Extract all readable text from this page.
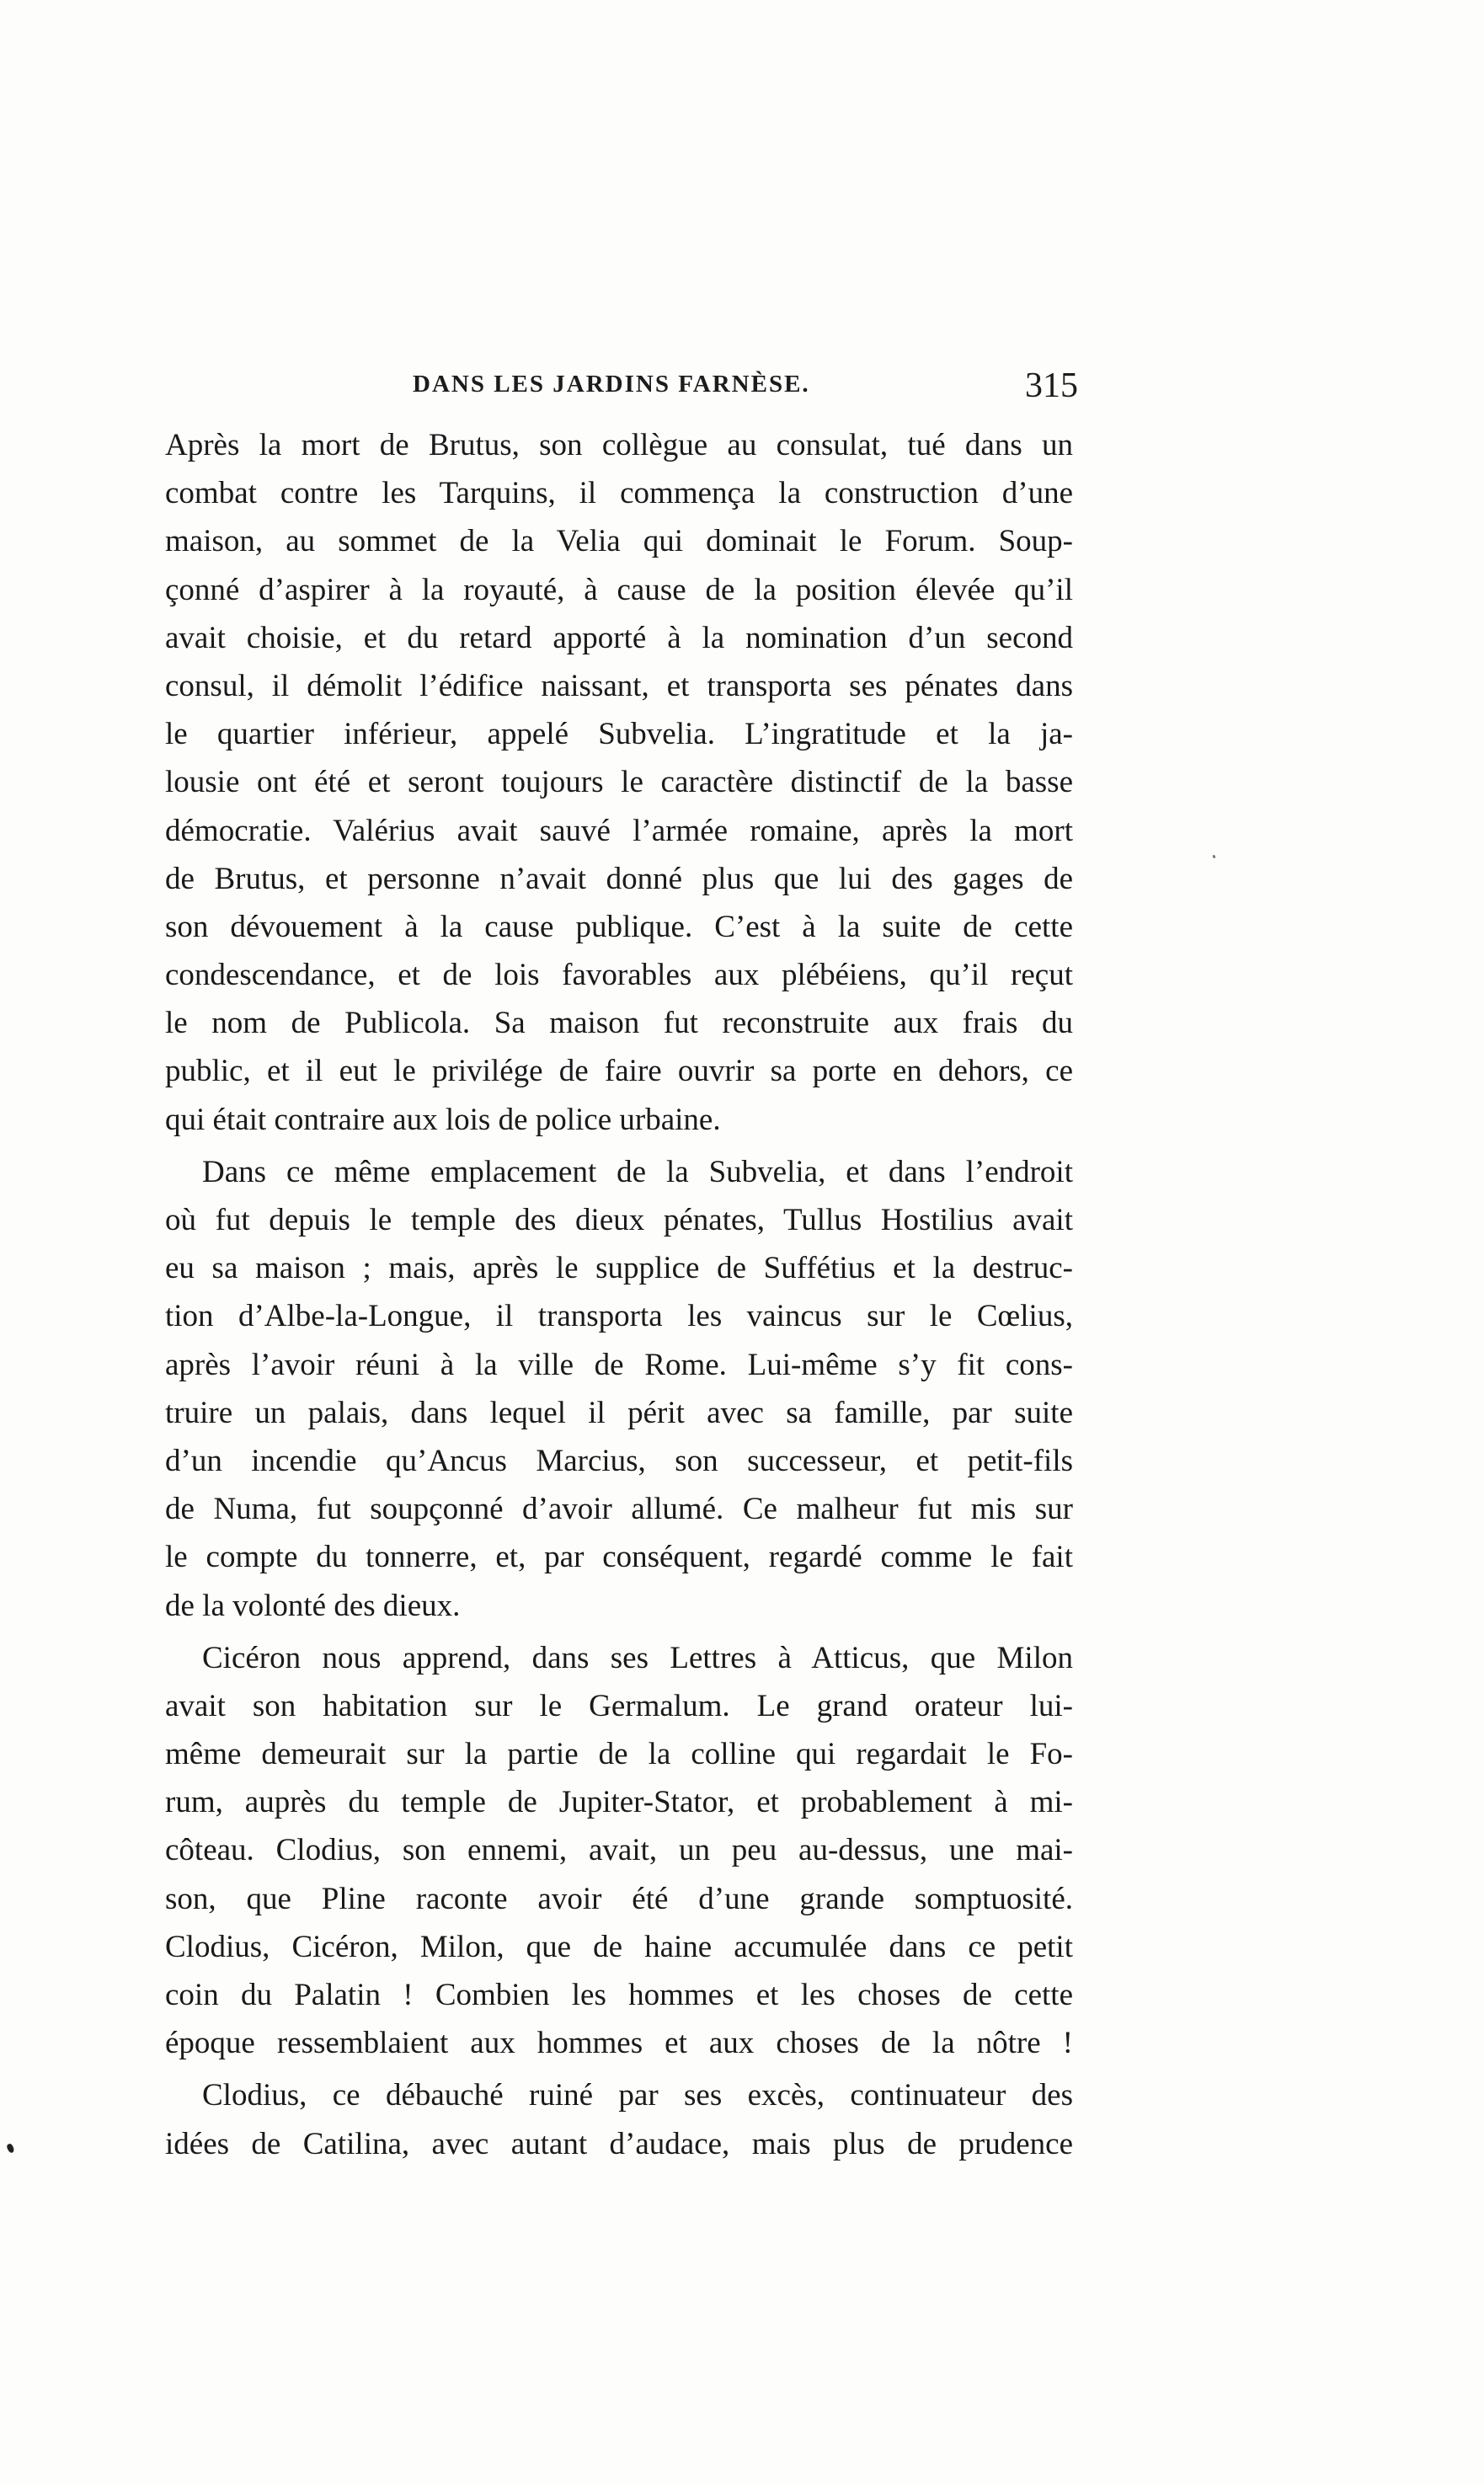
DANS LES JARDINS FARNÈSE.	315

Après la mort de Brutus, son collègue au consulat, tué dans un
combat contre les Tarquins, il commença la construction d’une
maison, au sommet de la Velia qui dominait le Forum. Soup-
çonné d’aspirer à la royauté, à cause de la position élevée qu’il
avait choisie, et du retard apporté à la nomination d’un second
consul, il démolit l’édifice naissant, et transporta ses pénates dans
le quartier inférieur, appelé Subvelia. L’ingratitude et la ja-
lousie ont été et seront toujours le caractère distinctif de la basse
démocratie. Valérius avait sauvé l’armée romaine, après la mort
de Brutus, et personne n’avait donné plus que lui des gages de
son dévouement à la cause publique. C’est à la suite de cette
condescendance, et de lois favorables aux plébéiens, qu’il reçut
le nom de Publicola. Sa maison fut reconstruite aux frais du
public, et il eut le privilége de faire ouvrir sa porte en dehors, ce
qui était contraire aux lois de police urbaine.

Dans ce même emplacement de la Subvelia, et dans l’endroit
où fut depuis le temple des dieux pénates, Tullus Hostilius avait
eu sa maison ; mais, après le supplice de Suffétius et la destruc-
tion d’Albe-la-Longue, il transporta les vaincus sur le Cœlius,
après l’avoir réuni à la ville de Rome. Lui-même s’y fit cons-
truire un palais, dans lequel il périt avec sa famille, par suite
d’un incendie qu’Ancus Marcius, son successeur, et petit-fils
de Numa, fut soupçonné d’avoir allumé. Ce malheur fut mis sur
le compte du tonnerre, et, par conséquent, regardé comme le fait
de la volonté des dieux.

Cicéron nous apprend, dans ses Lettres à Atticus, que Milon
avait son habitation sur le Germalum. Le grand orateur lui-
même demeurait sur la partie de la colline qui regardait le Fo-
rum, auprès du temple de Jupiter-Stator, et probablement à mi-
côteau. Clodius, son ennemi, avait, un peu au-dessus, une mai-
son, que Pline raconte avoir été d’une grande somptuosité.
Clodius, Cicéron, Milon, que de haine accumulée dans ce petit
coin du Palatin ! Combien les hommes et les choses de cette
époque ressemblaient aux hommes et aux choses de la nôtre !

Clodius, ce débauché ruiné par ses excès, continuateur des
idées de Catilina, avec autant d’audace, mais plus de prudence
